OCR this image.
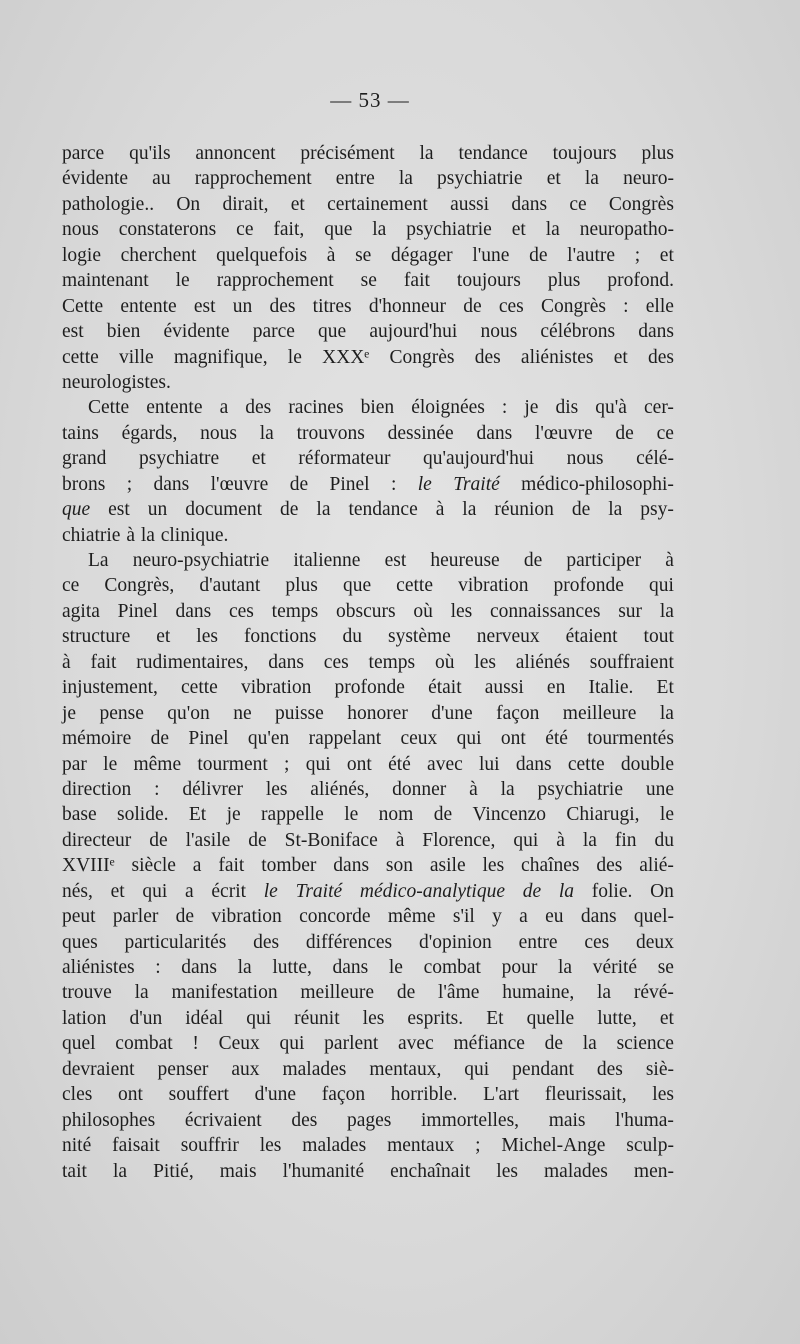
— 53 —
parce qu'ils annoncent précisément la tendance toujours plus
évidente au rapprochement entre la psychiatrie et la neuro-
pathologie.. On dirait, et certainement aussi dans ce Congrès
nous constaterons ce fait, que la psychiatrie et la neuropatho-
logie cherchent quelquefois à se dégager l'une de l'autre ; et
maintenant le rapprochement se fait toujours plus profond.
Cette entente est un des titres d'honneur de ces Congrès : elle
est bien évidente parce que aujourd'hui nous célébrons dans
cette ville magnifique, le XXXᵉ Congrès des aliénistes et des
neurologistes.
Cette entente a des racines bien éloignées : je dis qu'à cer-
tains égards, nous la trouvons dessinée dans l'œuvre de ce
grand psychiatre et réformateur qu'aujourd'hui nous célé-
brons ; dans l'œuvre de Pinel : le Traité médico-philosophi-
que est un document de la tendance à la réunion de la psy-
chiatrie à la clinique.
La neuro-psychiatrie italienne est heureuse de participer à
ce Congrès, d'autant plus que cette vibration profonde qui
agita Pinel dans ces temps obscurs où les connaissances sur la
structure et les fonctions du système nerveux étaient tout
à fait rudimentaires, dans ces temps où les aliénés souffraient
injustement, cette vibration profonde était aussi en Italie. Et
je pense qu'on ne puisse honorer d'une façon meilleure la
mémoire de Pinel qu'en rappelant ceux qui ont été tourmentés
par le même tourment ; qui ont été avec lui dans cette double
direction : délivrer les aliénés, donner à la psychiatrie une
base solide. Et je rappelle le nom de Vincenzo Chiarugi, le
directeur de l'asile de St-Boniface à Florence, qui à la fin du
XVIIIᵉ siècle a fait tomber dans son asile les chaînes des alié-
nés, et qui a écrit le Traité médico-analytique de la folie. On
peut parler de vibration concorde même s'il y a eu dans quel-
ques particularités des différences d'opinion entre ces deux
aliénistes : dans la lutte, dans le combat pour la vérité se
trouve la manifestation meilleure de l'âme humaine, la révé-
lation d'un idéal qui réunit les esprits. Et quelle lutte, et
quel combat ! Ceux qui parlent avec méfiance de la science
devraient penser aux malades mentaux, qui pendant des siè-
cles ont souffert d'une façon horrible. L'art fleurissait, les
philosophes écrivaient des pages immortelles, mais l'huma-
nité faisait souffrir les malades mentaux ; Michel-Ange sculp-
tait la Pitié, mais l'humanité enchaînait les malades men-
